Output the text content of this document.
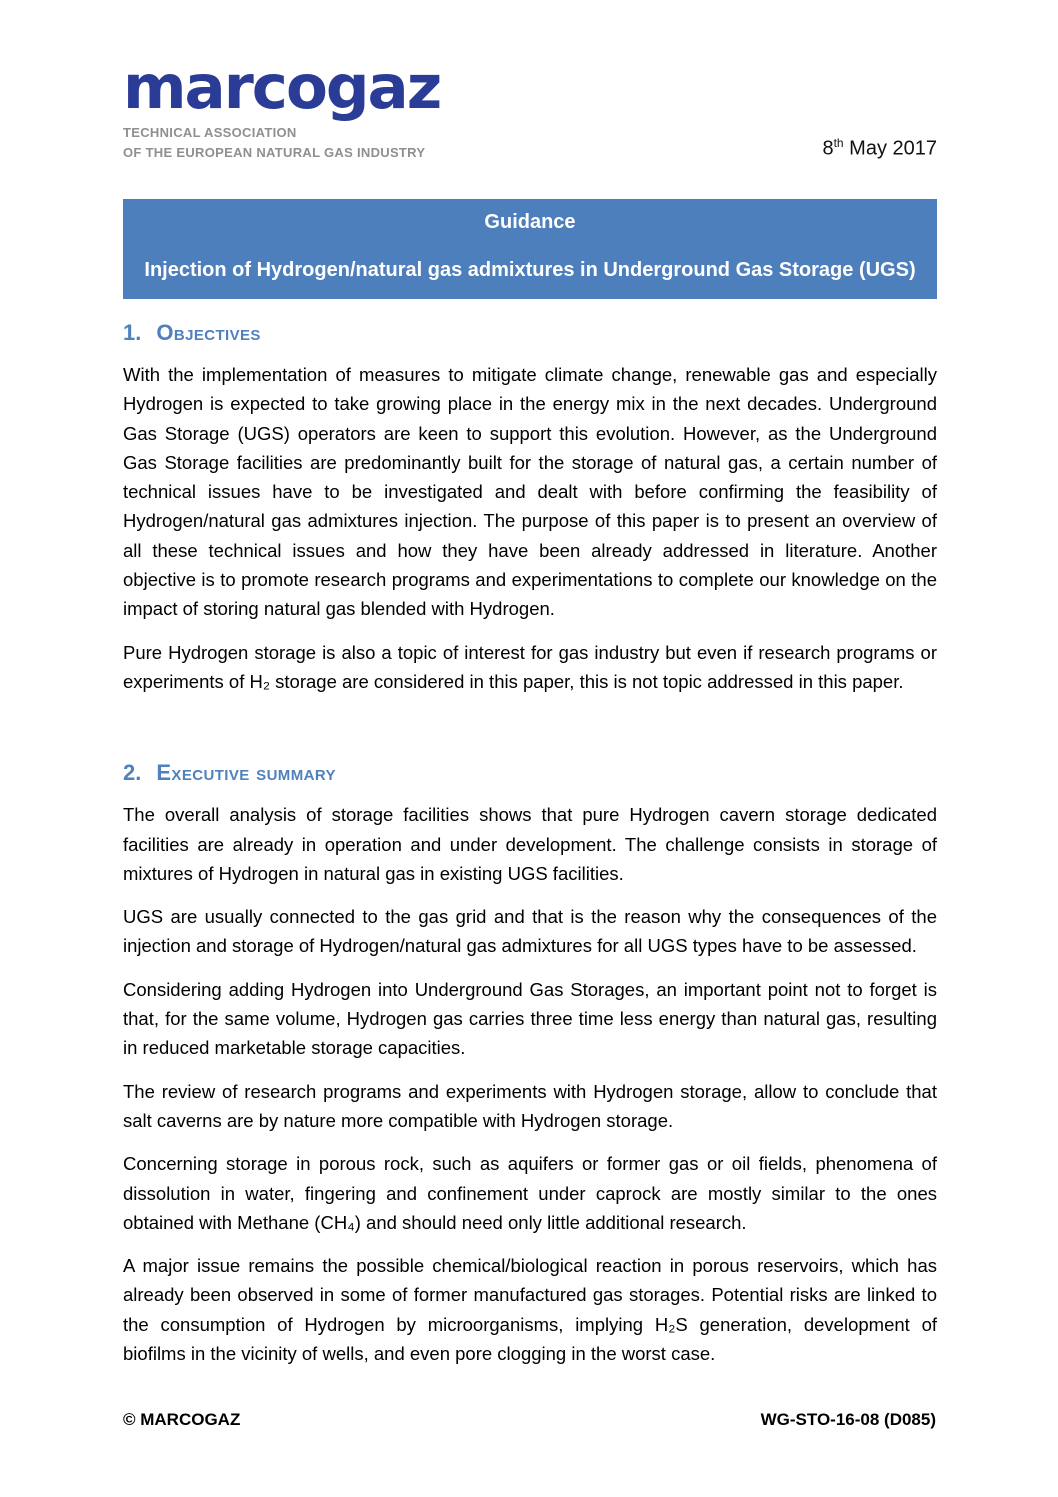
marcogaz
TECHNICAL ASSOCIATION
OF THE EUROPEAN NATURAL GAS INDUSTRY	8th May 2017
Guidance
Injection of Hydrogen/natural gas admixtures in Underground Gas Storage (UGS)
1. Objectives

With the implementation of measures to mitigate climate change, renewable gas and especially Hydrogen is expected to take growing place in the energy mix in the next decades. Underground Gas Storage (UGS) operators are keen to support this evolution. However, as the Underground Gas Storage facilities are predominantly built for the storage of natural gas, a certain number of technical issues have to be investigated and dealt with before confirming the feasibility of Hydrogen/natural gas admixtures injection. The purpose of this paper is to present an overview of all these technical issues and how they have been already addressed in literature. Another objective is to promote research programs and experimentations to complete our knowledge on the impact of storing natural gas blended with Hydrogen.

Pure Hydrogen storage is also a topic of interest for gas industry but even if research programs or experiments of H₂ storage are considered in this paper, this is not topic addressed in this paper.

2. Executive summary

The overall analysis of storage facilities shows that pure Hydrogen cavern storage dedicated facilities are already in operation and under development. The challenge consists in storage of mixtures of Hydrogen in natural gas in existing UGS facilities.

UGS are usually connected to the gas grid and that is the reason why the consequences of the injection and storage of Hydrogen/natural gas admixtures for all UGS types have to be assessed.

Considering adding Hydrogen into Underground Gas Storages, an important point not to forget is that, for the same volume, Hydrogen gas carries three time less energy than natural gas, resulting in reduced marketable storage capacities.

The review of research programs and experiments with Hydrogen storage, allow to conclude that salt caverns are by nature more compatible with Hydrogen storage.

Concerning storage in porous rock, such as aquifers or former gas or oil fields, phenomena of dissolution in water, fingering and confinement under caprock are mostly similar to the ones obtained with Methane (CH₄) and should need only little additional research.

A major issue remains the possible chemical/biological reaction in porous reservoirs, which has already been observed in some of former manufactured gas storages. Potential risks are linked to the consumption of Hydrogen by microorganisms, implying H₂S generation, development of biofilms in the vicinity of wells, and even pore clogging in the worst case.

© MARCOGAZ	WG-STO-16-08 (D085)
